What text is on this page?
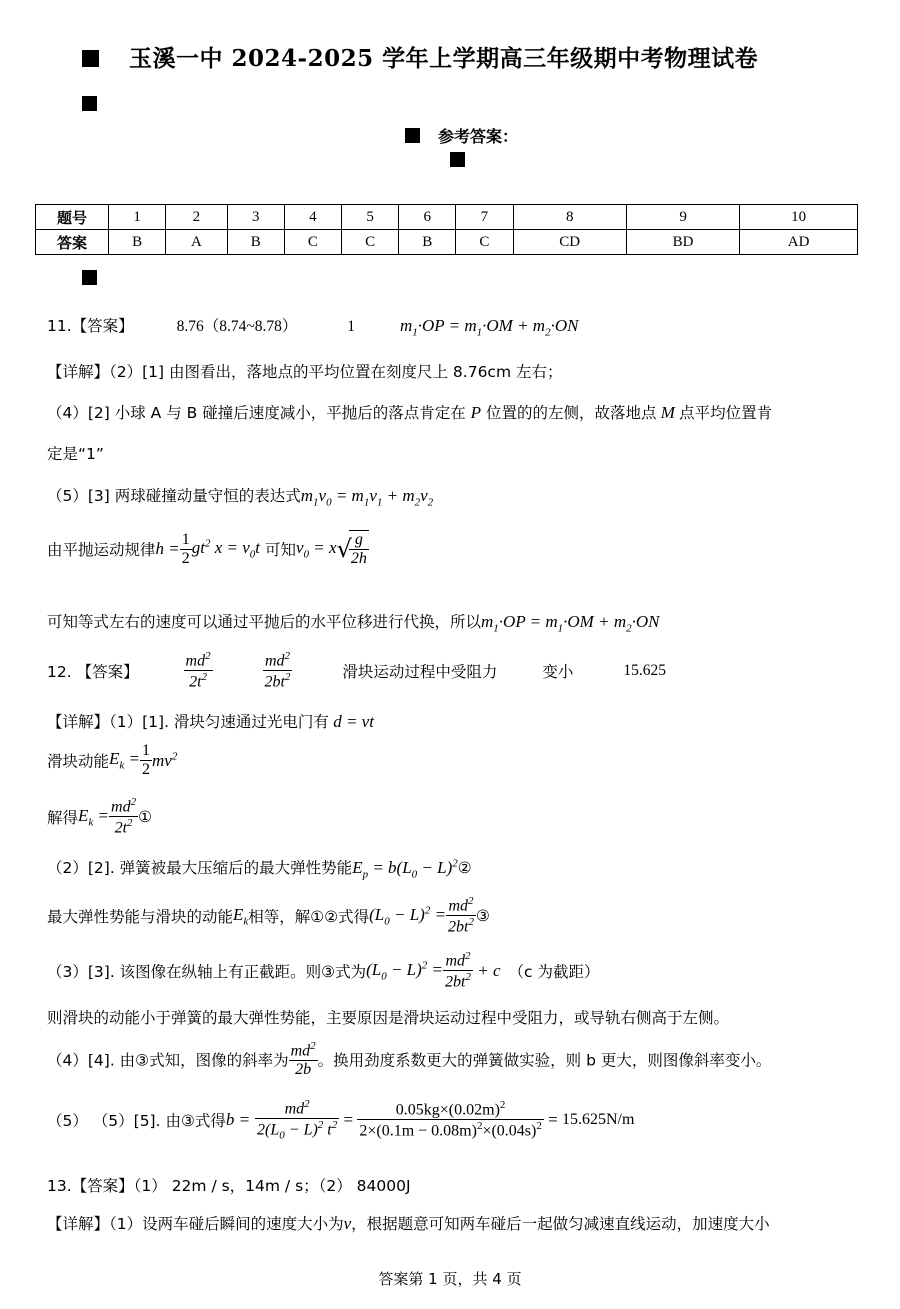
玉溪一中 2024-2025 学年上学期高三年级期中考物理试卷
参考答案：
题号	1	2	3	4	5	6	7	8	9	10
答案	B	A	B	C	C	B	C	CD	BD	AD
11.【答案】	8.76（8.74~8.78）	1	$m_1\cdot OP = m_1\cdot OM + m_2\cdot ON$
【详解】（2）[1] 由图看出，落地点的平均位置在刻度尺上 8.76cm 左右；
（4）[2] 小球 A 与 B 碰撞后速度减小，平抛后的落点肯定在 P 位置的的左侧，故落地点 M 点平均位置肯
定是“1”
（5）[3] 两球碰撞动量守恒的表达式$m_1v_0 = m_1v_1 + m_2v_2$
由平抛运动规律$h = \frac{1}{2} gt^2$ $x = v_0t$ 可知$v_0 = x√$
$\frac{g}{2h}$
可知等式左右的速度可以通过平抛后的水平位移进行代换，所以$m_1\cdot OP = m_1\cdot OM + m_2\cdot ON$
12. 【答案】	$\frac{md^2}{2t^2}$
	$\frac{md^2}{2bt^2}$	滑块运动过程中受阻力	变小	15.625
【详解】（1）[1]. 滑块匀速通过光电门有 d = vt
滑块动能$E_k = \frac{1}{2} mv^2$
解得$E_k = \frac{md^2}{2t^2}$ ①
（2）[2]. 弹簧被最大压缩后的最大弹性势能$E_p = b(L_0$ − $L)^2②$
最大弹性势能与滑块的动能$E_k$相等，解①②式得$(L_0 - L)^2 = \frac{md^2}{2bt^2}$ ③
（3）[3]. 该图像在纵轴上有正截距。则③式为$(L_0 - L)^2 = \frac{md^2}{2bt^2} + c$ （c 为截距）
则滑块的动能小于弹簧的最大弹性势能，主要原因是滑块运动过程中受阻力，或导轨右侧高于左侧。
（4）[4]. 由③式知，图像的斜率为 $\frac{md^2}{2b}$ 。换用劲度系数更大的弹簧做实验，则 b 更大，则图像斜率变小。
（5） （5）[5]. 由③式得$b = \frac{md^2}{2(L_0 - L)^2 t^2} = \frac{0.05kg\times(0.02m)^2}{2\times(0.1m - 0.08m)^2\times(0.04s)^2} = 15.625N/m$
13.【答案】（1） 22m / s，14m / s；（2） 84000J
【详解】（1）设两车碰后瞬间的速度大小为v，根据题意可知两车碰后一起做匀减速直线运动，加速度大小
答案第 1 页，共 4 页
